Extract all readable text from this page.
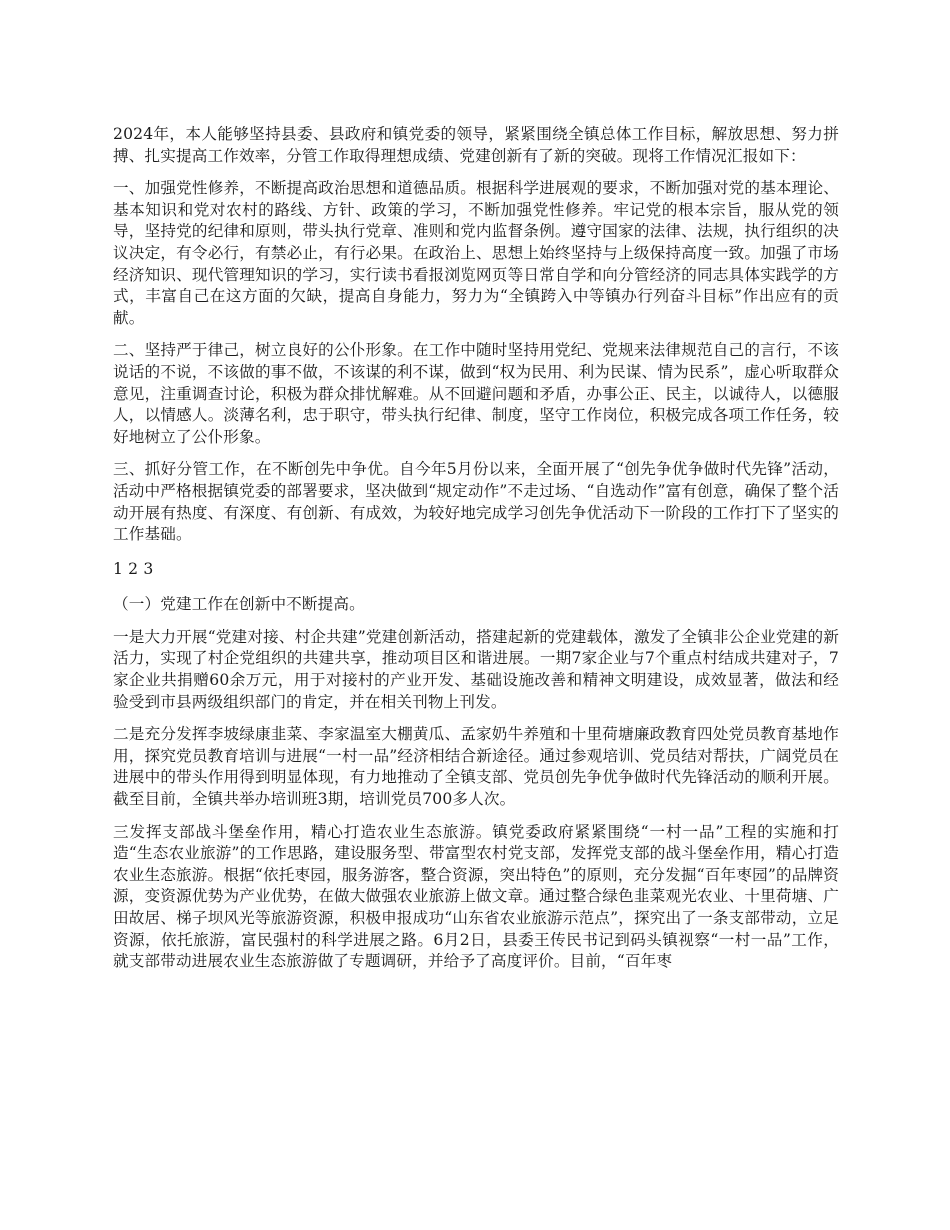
2024年，本人能够坚持县委、县政府和镇党委的领导，紧紧围绕全镇总体工作目标，解放思想、努力拼搏、扎实提高工作效率，分管工作取得理想成绩、党建创新有了新的突破。现将工作情况汇报如下：

一、加强党性修养，不断提高政治思想和道德品质。根据科学进展观的要求，不断加强对党的基本理论、基本知识和党对农村的路线、方针、政策的学习，不断加强党性修养。牢记党的根本宗旨，服从党的领导，坚持党的纪律和原则，带头执行党章、准则和党内监督条例。遵守国家的法律、法规，执行组织的决议决定，有令必行，有禁必止，有行必果。在政治上、思想上始终坚持与上级保持高度一致。加强了市场经济知识、现代管理知识的学习，实行读书看报浏览网页等日常自学和向分管经济的同志具体实践学的方式，丰富自己在这方面的欠缺，提高自身能力，努力为“全镇跨入中等镇办行列奋斗目标”作出应有的贡献。

二、坚持严于律己，树立良好的公仆形象。在工作中随时坚持用党纪、党规来法律规范自己的言行，不该说话的不说，不该做的事不做，不该谋的利不谋，做到“权为民用、利为民谋、情为民系”，虚心听取群众意见，注重调查讨论，积极为群众排忧解难。从不回避问题和矛盾，办事公正、民主，以诚待人，以德服人，以情感人。淡薄名利，忠于职守，带头执行纪律、制度，坚守工作岗位，积极完成各项工作任务，较好地树立了公仆形象。

三、抓好分管工作，在不断创先中争优。自今年5月份以来，全面开展了“创先争优争做时代先锋”活动，活动中严格根据镇党委的部署要求，坚决做到“规定动作”不走过场、“自选动作”富有创意，确保了整个活动开展有热度、有深度、有创新、有成效，为较好地完成学习创先争优活动下一阶段的工作打下了坚实的工作基础。

1 2 3

（一）党建工作在创新中不断提高。

一是大力开展“党建对接、村企共建”党建创新活动，搭建起新的党建载体，激发了全镇非公企业党建的新活力，实现了村企党组织的共建共享，推动项目区和谐进展。一期7家企业与7个重点村结成共建对子，7家企业共捐赠60余万元，用于对接村的产业开发、基础设施改善和精神文明建设，成效显著，做法和经验受到市县两级组织部门的肯定，并在相关刊物上刊发。

二是充分发挥李坡绿康韭菜、李家温室大棚黄瓜、孟家奶牛养殖和十里荷塘廉政教育四处党员教育基地作用，探究党员教育培训与进展“一村一品”经济相结合新途径。通过参观培训、党员结对帮扶，广阔党员在进展中的带头作用得到明显体现，有力地推动了全镇支部、党员创先争优争做时代先锋活动的顺利开展。截至目前，全镇共举办培训班3期，培训党员700多人次。

三发挥支部战斗堡垒作用，精心打造农业生态旅游。镇党委政府紧紧围绕“一村一品”工程的实施和打造“生态农业旅游”的工作思路，建设服务型、带富型农村党支部，发挥党支部的战斗堡垒作用，精心打造农业生态旅游。根据“依托枣园，服务游客，整合资源，突出特色”的原则，充分发掘“百年枣园”的品牌资源，变资源优势为产业优势，在做大做强农业旅游上做文章。通过整合绿色韭菜观光农业、十里荷塘、广田故居、梯子坝风光等旅游资源，积极申报成功“山东省农业旅游示范点”，探究出了一条支部带动，立足资源，依托旅游，富民强村的科学进展之路。6月2日，县委王传民书记到码头镇视察“一村一品”工作，就支部带动进展农业生态旅游做了专题调研，并给予了高度评价。目前，“百年枣
